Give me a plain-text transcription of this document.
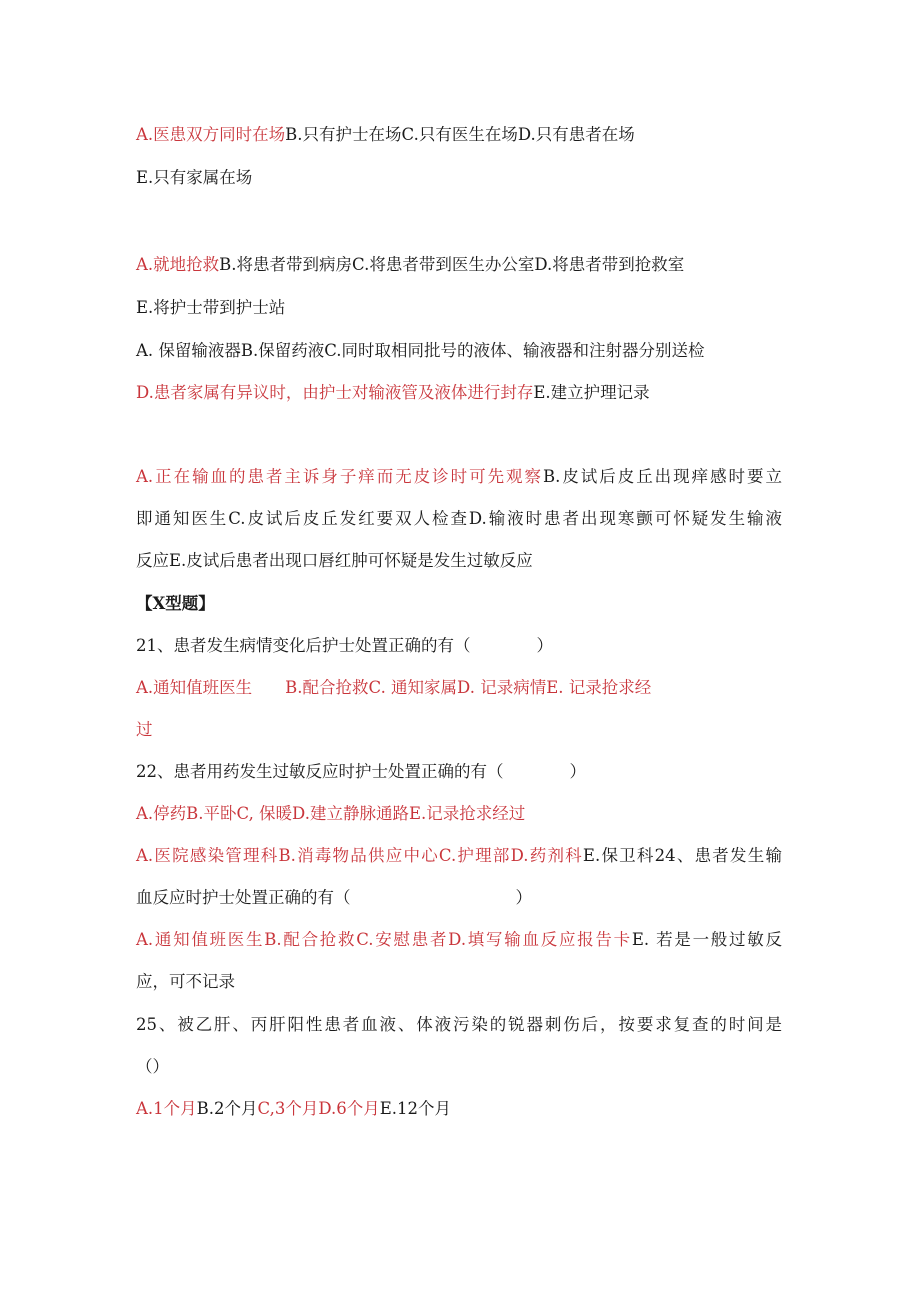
A.医患双方同时在场B.只有护士在场C.只有医生在场D.只有患者在场
E.只有家属在场
A.就地抢救B.将患者带到病房C.将患者带到医生办公室D.将患者带到抢救室
E.将护士带到护士站
A. 保留输液器B.保留药液C.同时取相同批号的液体、输液器和注射器分别送检
D.患者家属有异议时，由护士对输液管及液体进行封存E.建立护理记录
A.正在输血的患者主诉身子痒而无皮诊时可先观察B.皮试后皮丘出现痒感时要立
即通知医生C.皮试后皮丘发红要双人检查D.输液时患者出现寒颤可怀疑发生输液
反应E.皮试后患者出现口唇红肿可怀疑是发生过敏反应
【X型题】
21、患者发生病情变化后护士处置正确的有（　　　　）
A.通知值班医生　　B.配合抢救C. 通知家属D. 记录病情E. 记录抢求经
过
22、患者用药发生过敏反应时护士处置正确的有（　　　　）
A.停药B.平卧C, 保暖D.建立静脉通路E.记录抢求经过
A.医院感染管理科B.消毒物品供应中心C.护理部D.药剂科E.保卫科24、患者发生输
血反应时护士处置正确的有（　　　　　　　　　　）
A.通知值班医生B.配合抢救C.安慰患者D.填写输血反应报告卡E. 若是一般过敏反
应，可不记录
25、被乙肝、丙肝阳性患者血液、体液污染的锐器刺伤后，按要求复查的时间是
（）
A.1个月B.2个月C,3个月D.6个月E.12个月
